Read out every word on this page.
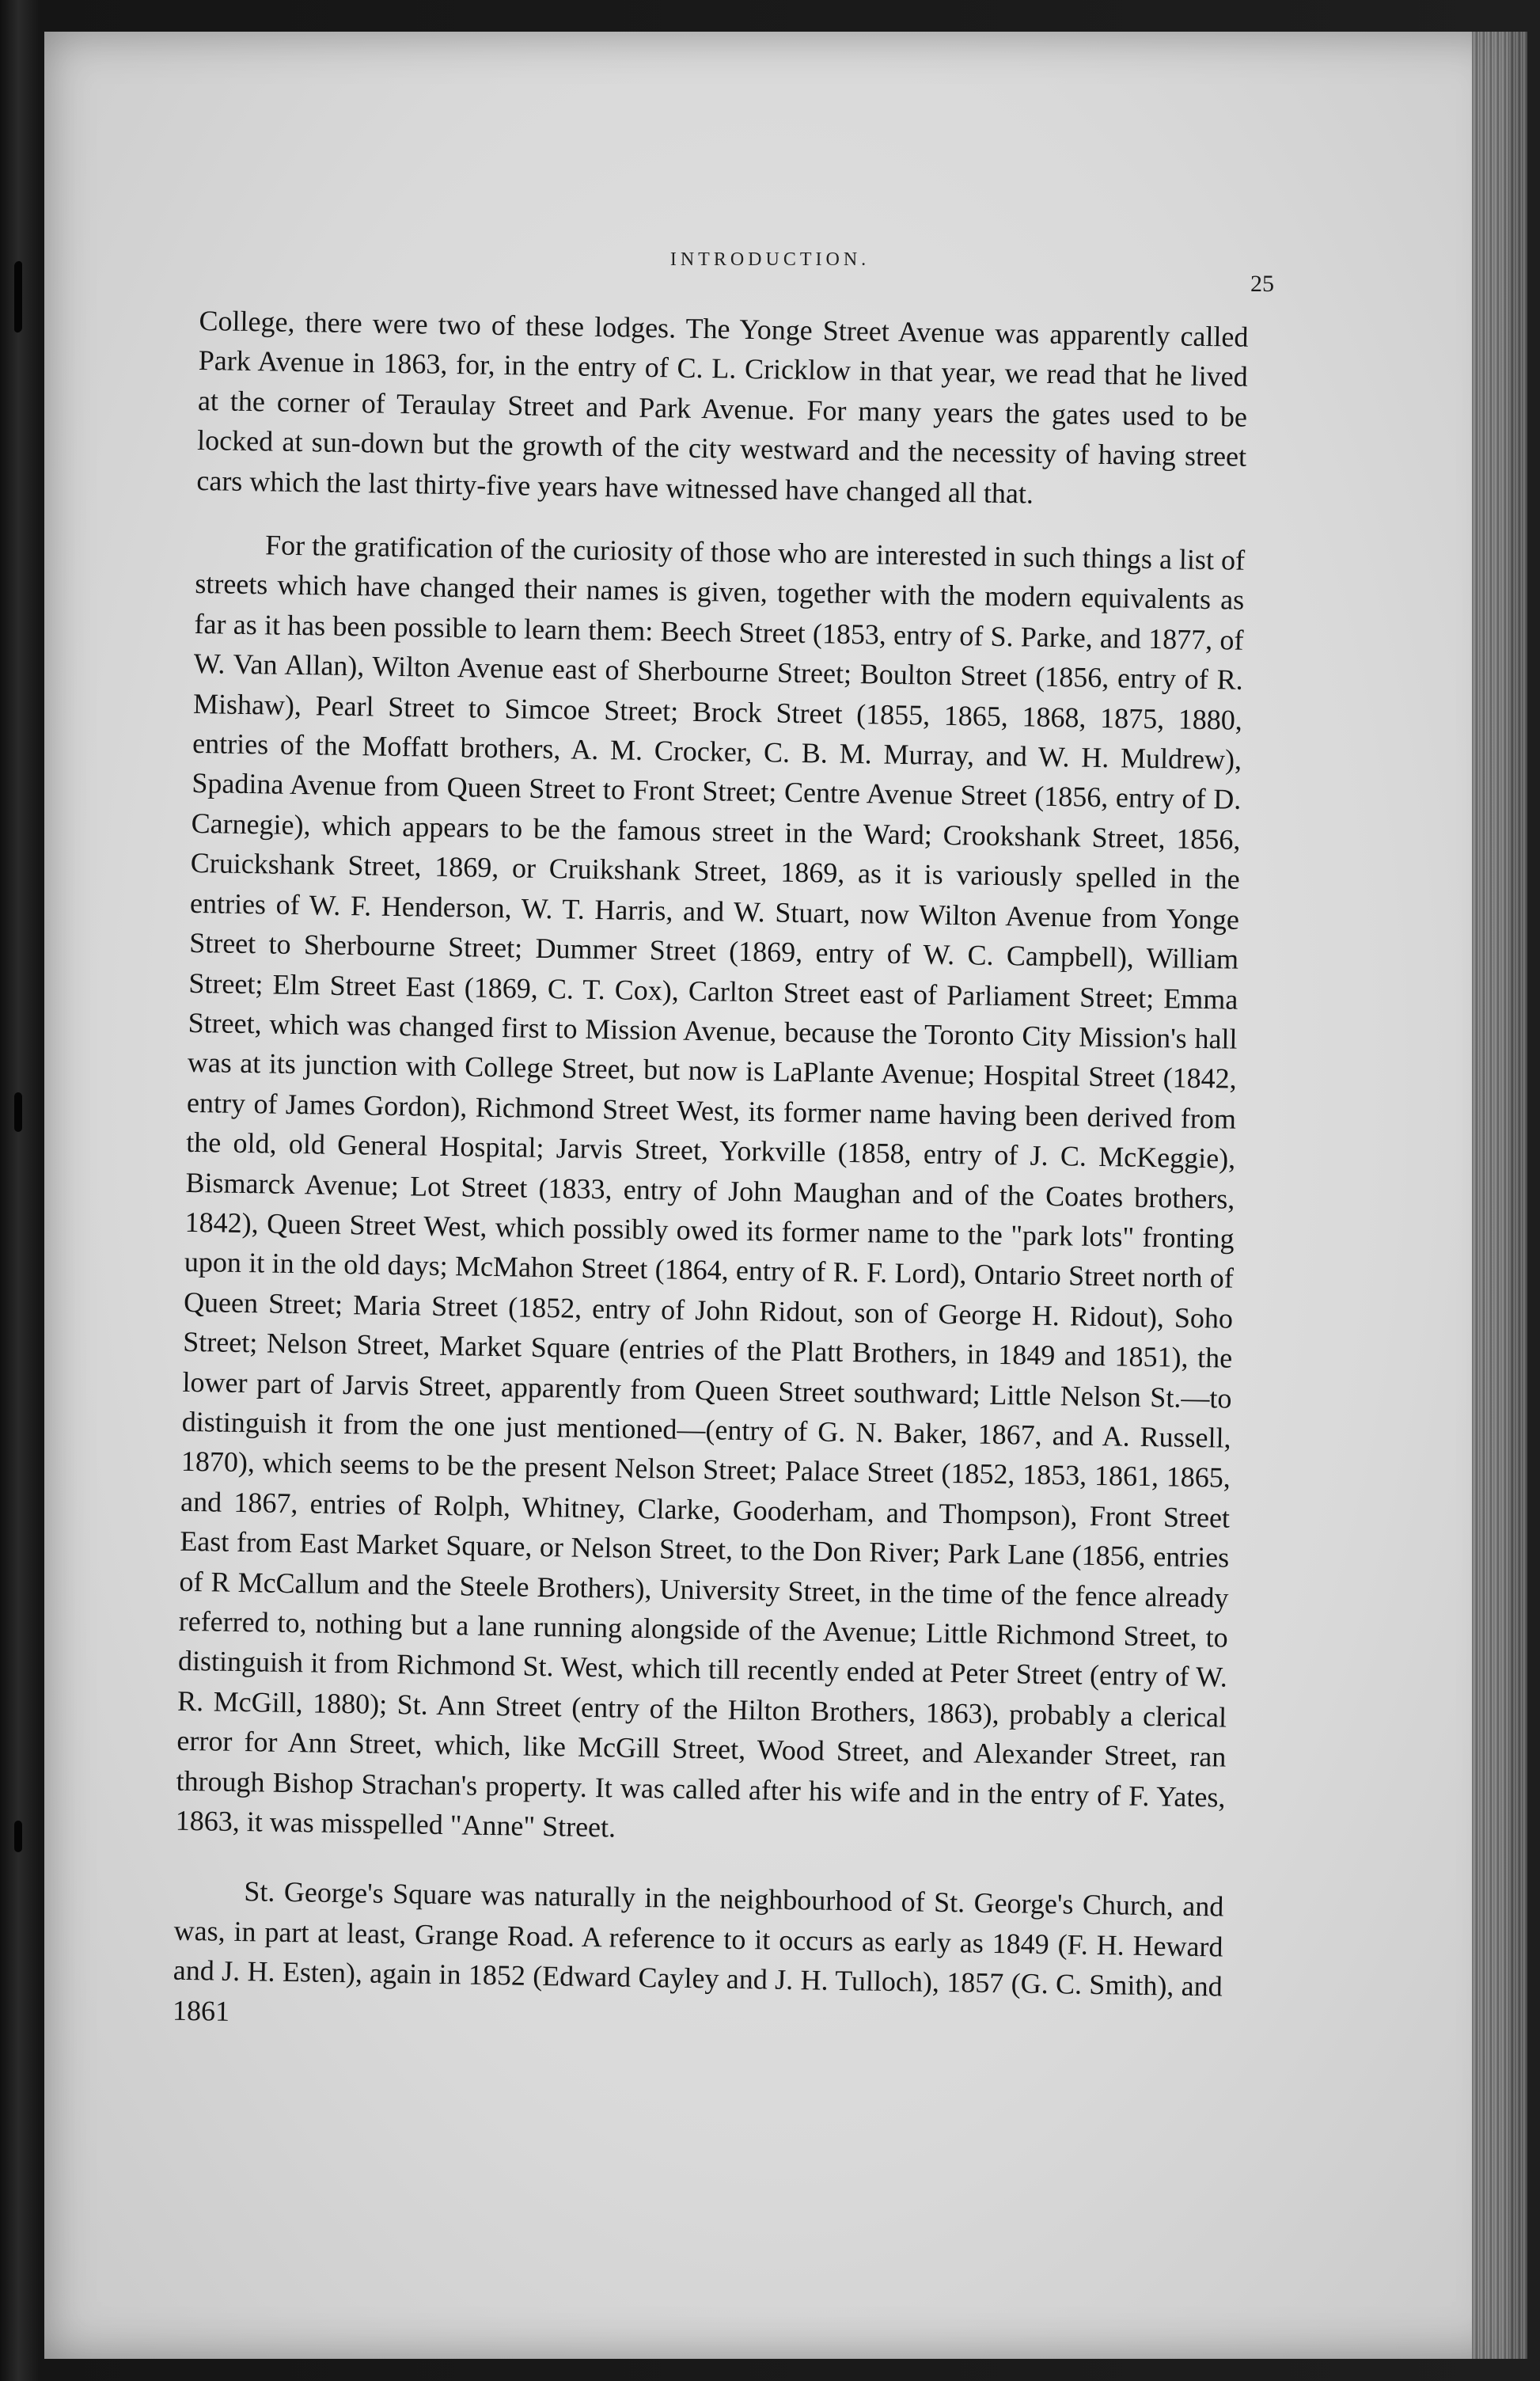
INTRODUCTION.
25

College, there were two of these lodges. The Yonge Street Avenue was apparently called Park Avenue in 1863, for, in the entry of C. L. Cricklow in that year, we read that he lived at the corner of Teraulay Street and Park Avenue. For many years the gates used to be locked at sun-down but the growth of the city westward and the necessity of having street cars which the last thirty-five years have witnessed have changed all that.

For the gratification of the curiosity of those who are interested in such things a list of streets which have changed their names is given, together with the modern equivalents as far as it has been possible to learn them: Beech Street (1853, entry of S. Parke, and 1877, of W. Van Allan), Wilton Avenue east of Sherbourne Street; Boulton Street (1856, entry of R. Mishaw), Pearl Street to Simcoe Street; Brock Street (1855, 1865, 1868, 1875, 1880, entries of the Moffatt brothers, A. M. Crocker, C. B. M. Murray, and W. H. Muldrew), Spadina Avenue from Queen Street to Front Street; Centre Avenue Street (1856, entry of D. Carnegie), which appears to be the famous street in the Ward; Crookshank Street, 1856, Cruickshank Street, 1869, or Cruikshank Street, 1869, as it is variously spelled in the entries of W. F. Henderson, W. T. Harris, and W. Stuart, now Wilton Avenue from Yonge Street to Sherbourne Street; Dummer Street (1869, entry of W. C. Campbell), William Street; Elm Street East (1869, C. T. Cox), Carlton Street east of Parliament Street; Emma Street, which was changed first to Mission Avenue, because the Toronto City Mission's hall was at its junction with College Street, but now is LaPlante Avenue; Hospital Street (1842, entry of James Gordon), Richmond Street West, its former name having been derived from the old, old General Hospital; Jarvis Street, Yorkville (1858, entry of J. C. McKeggie), Bismarck Avenue; Lot Street (1833, entry of John Maughan and of the Coates brothers, 1842), Queen Street West, which possibly owed its former name to the "park lots" fronting upon it in the old days; McMahon Street (1864, entry of R. F. Lord), Ontario Street north of Queen Street; Maria Street (1852, entry of John Ridout, son of George H. Ridout), Soho Street; Nelson Street, Market Square (entries of the Platt Brothers, in 1849 and 1851), the lower part of Jarvis Street, apparently from Queen Street southward; Little Nelson St.—to distinguish it from the one just mentioned—(entry of G. N. Baker, 1867, and A. Russell, 1870), which seems to be the present Nelson Street; Palace Street (1852, 1853, 1861, 1865, and 1867, entries of Rolph, Whitney, Clarke, Gooderham, and Thompson), Front Street East from East Market Square, or Nelson Street, to the Don River; Park Lane (1856, entries of R McCallum and the Steele Brothers), University Street, in the time of the fence already referred to, nothing but a lane running alongside of the Avenue; Little Richmond Street, to distinguish it from Richmond St. West, which till recently ended at Peter Street (entry of W. R. McGill, 1880); St. Ann Street (entry of the Hilton Brothers, 1863), probably a clerical error for Ann Street, which, like McGill Street, Wood Street, and Alexander Street, ran through Bishop Strachan's property. It was called after his wife and in the entry of F. Yates, 1863, it was misspelled "Anne" Street.

St. George's Square was naturally in the neighbourhood of St. George's Church, and was, in part at least, Grange Road. A reference to it occurs as early as 1849 (F. H. Heward and J. H. Esten), again in 1852 (Edward Cayley and J. H. Tulloch), 1857 (G. C. Smith), and 1861
